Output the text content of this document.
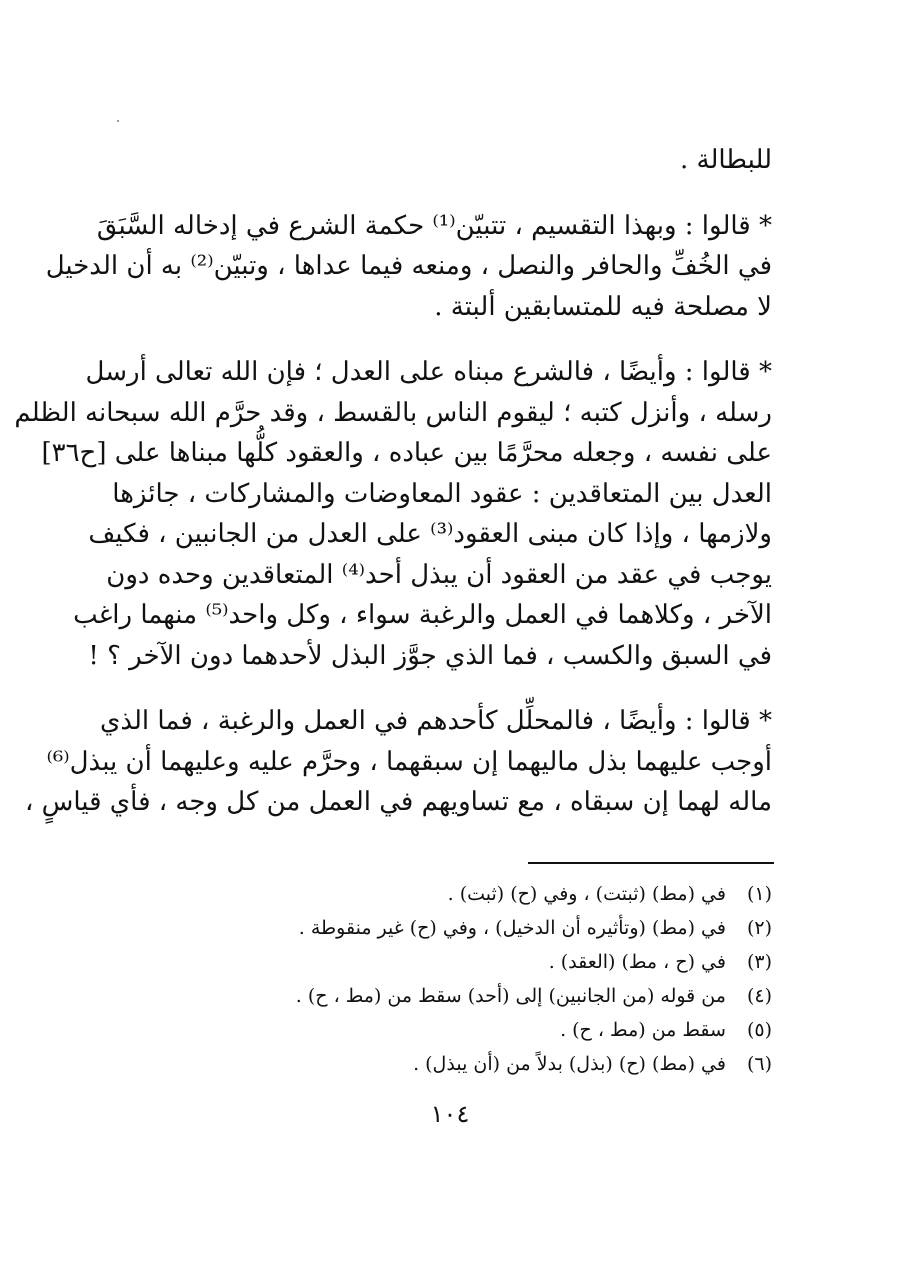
للبطالة .
* قالوا : وبهذا التقسيم ، تتبيّن⁽¹⁾ حكمة الشرع في إدخاله السَّبَقَ
في الخُفِّ والحافر والنصل ، ومنعه فيما عداها ، وتبيّن⁽²⁾ به أن الدخيل
لا مصلحة فيه للمتسابقين ألبتة .
* قالوا : وأيضًا ، فالشرع مبناه على العدل ؛ فإن الله تعالى أرسل
رسله ، وأنزل كتبه ؛ ليقوم الناس بالقسط ، وقد حرَّم الله سبحانه الظلم
على نفسه ، وجعله محرَّمًا بين عباده ، والعقود كلُّها مبناها على [ح٣٦]
العدل بين المتعاقدين : عقود المعاوضات والمشاركات ، جائزها
ولازمها ، وإذا كان مبنى العقود⁽³⁾ على العدل من الجانبين ، فكيف
يوجب في عقد من العقود أن يبذل أحد⁽⁴⁾ المتعاقدين وحده دون
الآخر ، وكلاهما في العمل والرغبة سواء ، وكل واحد⁽⁵⁾ منهما راغب
في السبق والكسب ، فما الذي جوَّز البذل لأحدهما دون الآخر ؟ !
* قالوا : وأيضًا ، فالمحلِّل كأحدهم في العمل والرغبة ، فما الذي
أوجب عليهما بذل ماليهما إن سبقهما ، وحرَّم عليه وعليهما أن يبذل⁽⁶⁾
ماله لهما إن سبقاه ، مع تساويهم في العمل من كل وجه ، فأي قياسٍ ،
(١) في (مط) (ثبتت) ، وفي (ح) (ثبت) .
(٢) في (مط) (وتأثيره أن الدخيل) ، وفي (ح) غير منقوطة .
(٣) في (ح ، مط) (العقد) .
(٤) من قوله (من الجانبين) إلى (أحد) سقط من (مط ، ح) .
(٥) سقط من (مط ، ح) .
(٦) في (مط) (ح) (بذل) بدلاً من (أن يبذل) .
١٠٤
